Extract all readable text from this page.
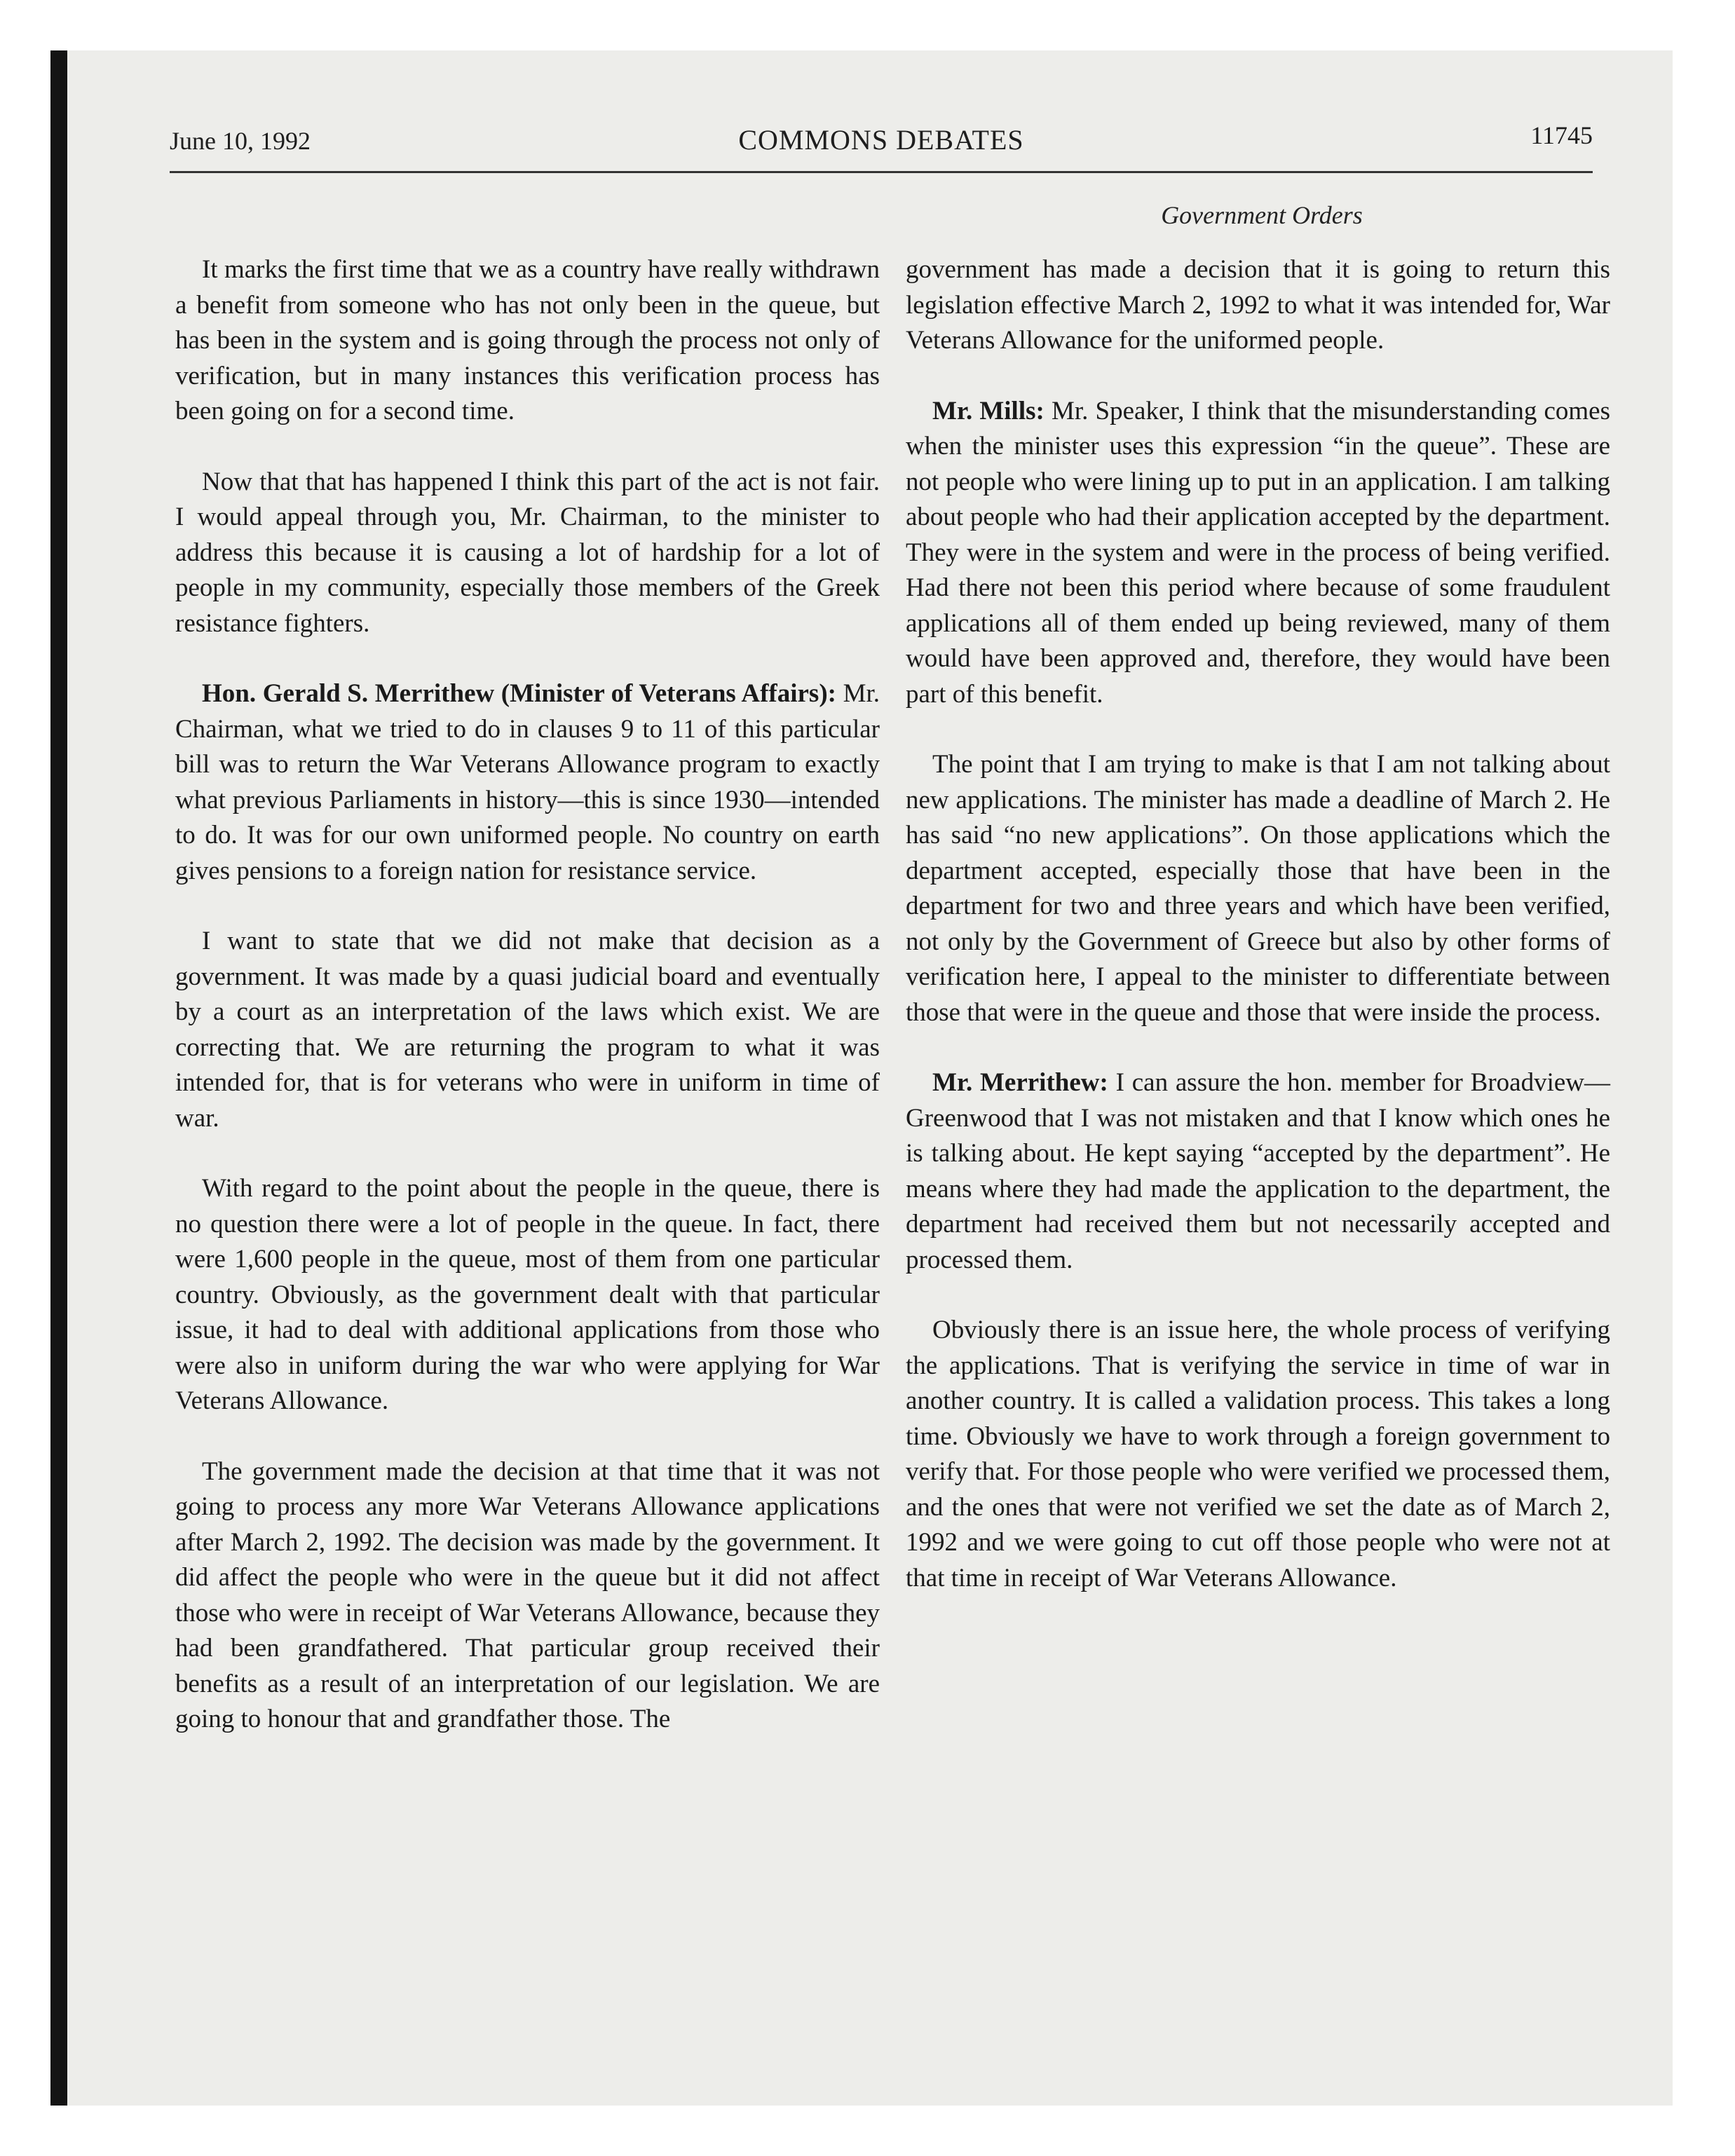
June 10, 1992	COMMONS DEBATES	11745
Government Orders

It marks the first time that we as a country have really withdrawn a benefit from someone who has not only been in the queue, but has been in the system and is going through the process not only of verification, but in many instances this verification process has been going on for a second time.

Now that that has happened I think this part of the act is not fair. I would appeal through you, Mr. Chairman, to the minister to address this because it is causing a lot of hardship for a lot of people in my community, especially those members of the Greek resistance fighters.

Hon. Gerald S. Merrithew (Minister of Veterans Affairs): Mr. Chairman, what we tried to do in clauses 9 to 11 of this particular bill was to return the War Veterans Allowance program to exactly what previous Parliaments in history—this is since 1930—intended to do. It was for our own uniformed people. No country on earth gives pensions to a foreign nation for resistance service.

I want to state that we did not make that decision as a government. It was made by a quasi judicial board and eventually by a court as an interpretation of the laws which exist. We are correcting that. We are returning the program to what it was intended for, that is for veterans who were in uniform in time of war.

With regard to the point about the people in the queue, there is no question there were a lot of people in the queue. In fact, there were 1,600 people in the queue, most of them from one particular country. Obviously, as the government dealt with that particular issue, it had to deal with additional applications from those who were also in uniform during the war who were applying for War Veterans Allowance.

The government made the decision at that time that it was not going to process any more War Veterans Allowance applications after March 2, 1992. The decision was made by the government. It did affect the people who were in the queue but it did not affect those who were in receipt of War Veterans Allowance, because they had been grandfathered. That particular group received their benefits as a result of an interpretation of our legislation. We are going to honour that and grandfather those. The

government has made a decision that it is going to return this legislation effective March 2, 1992 to what it was intended for, War Veterans Allowance for the uniformed people.

Mr. Mills: Mr. Speaker, I think that the misunderstanding comes when the minister uses this expression “in the queue”. These are not people who were lining up to put in an application. I am talking about people who had their application accepted by the department. They were in the system and were in the process of being verified. Had there not been this period where because of some fraudulent applications all of them ended up being reviewed, many of them would have been approved and, therefore, they would have been part of this benefit.

The point that I am trying to make is that I am not talking about new applications. The minister has made a deadline of March 2. He has said “no new applications”. On those applications which the department accepted, especially those that have been in the department for two and three years and which have been verified, not only by the Government of Greece but also by other forms of verification here, I appeal to the minister to differentiate between those that were in the queue and those that were inside the process.

Mr. Merrithew: I can assure the hon. member for Broadview—Greenwood that I was not mistaken and that I know which ones he is talking about. He kept saying “accepted by the department”. He means where they had made the application to the department, the department had received them but not necessarily accepted and processed them.

Obviously there is an issue here, the whole process of verifying the applications. That is verifying the service in time of war in another country. It is called a validation process. This takes a long time. Obviously we have to work through a foreign government to verify that. For those people who were verified we processed them, and the ones that were not verified we set the date as of March 2, 1992 and we were going to cut off those people who were not at that time in receipt of War Veterans Allowance.
